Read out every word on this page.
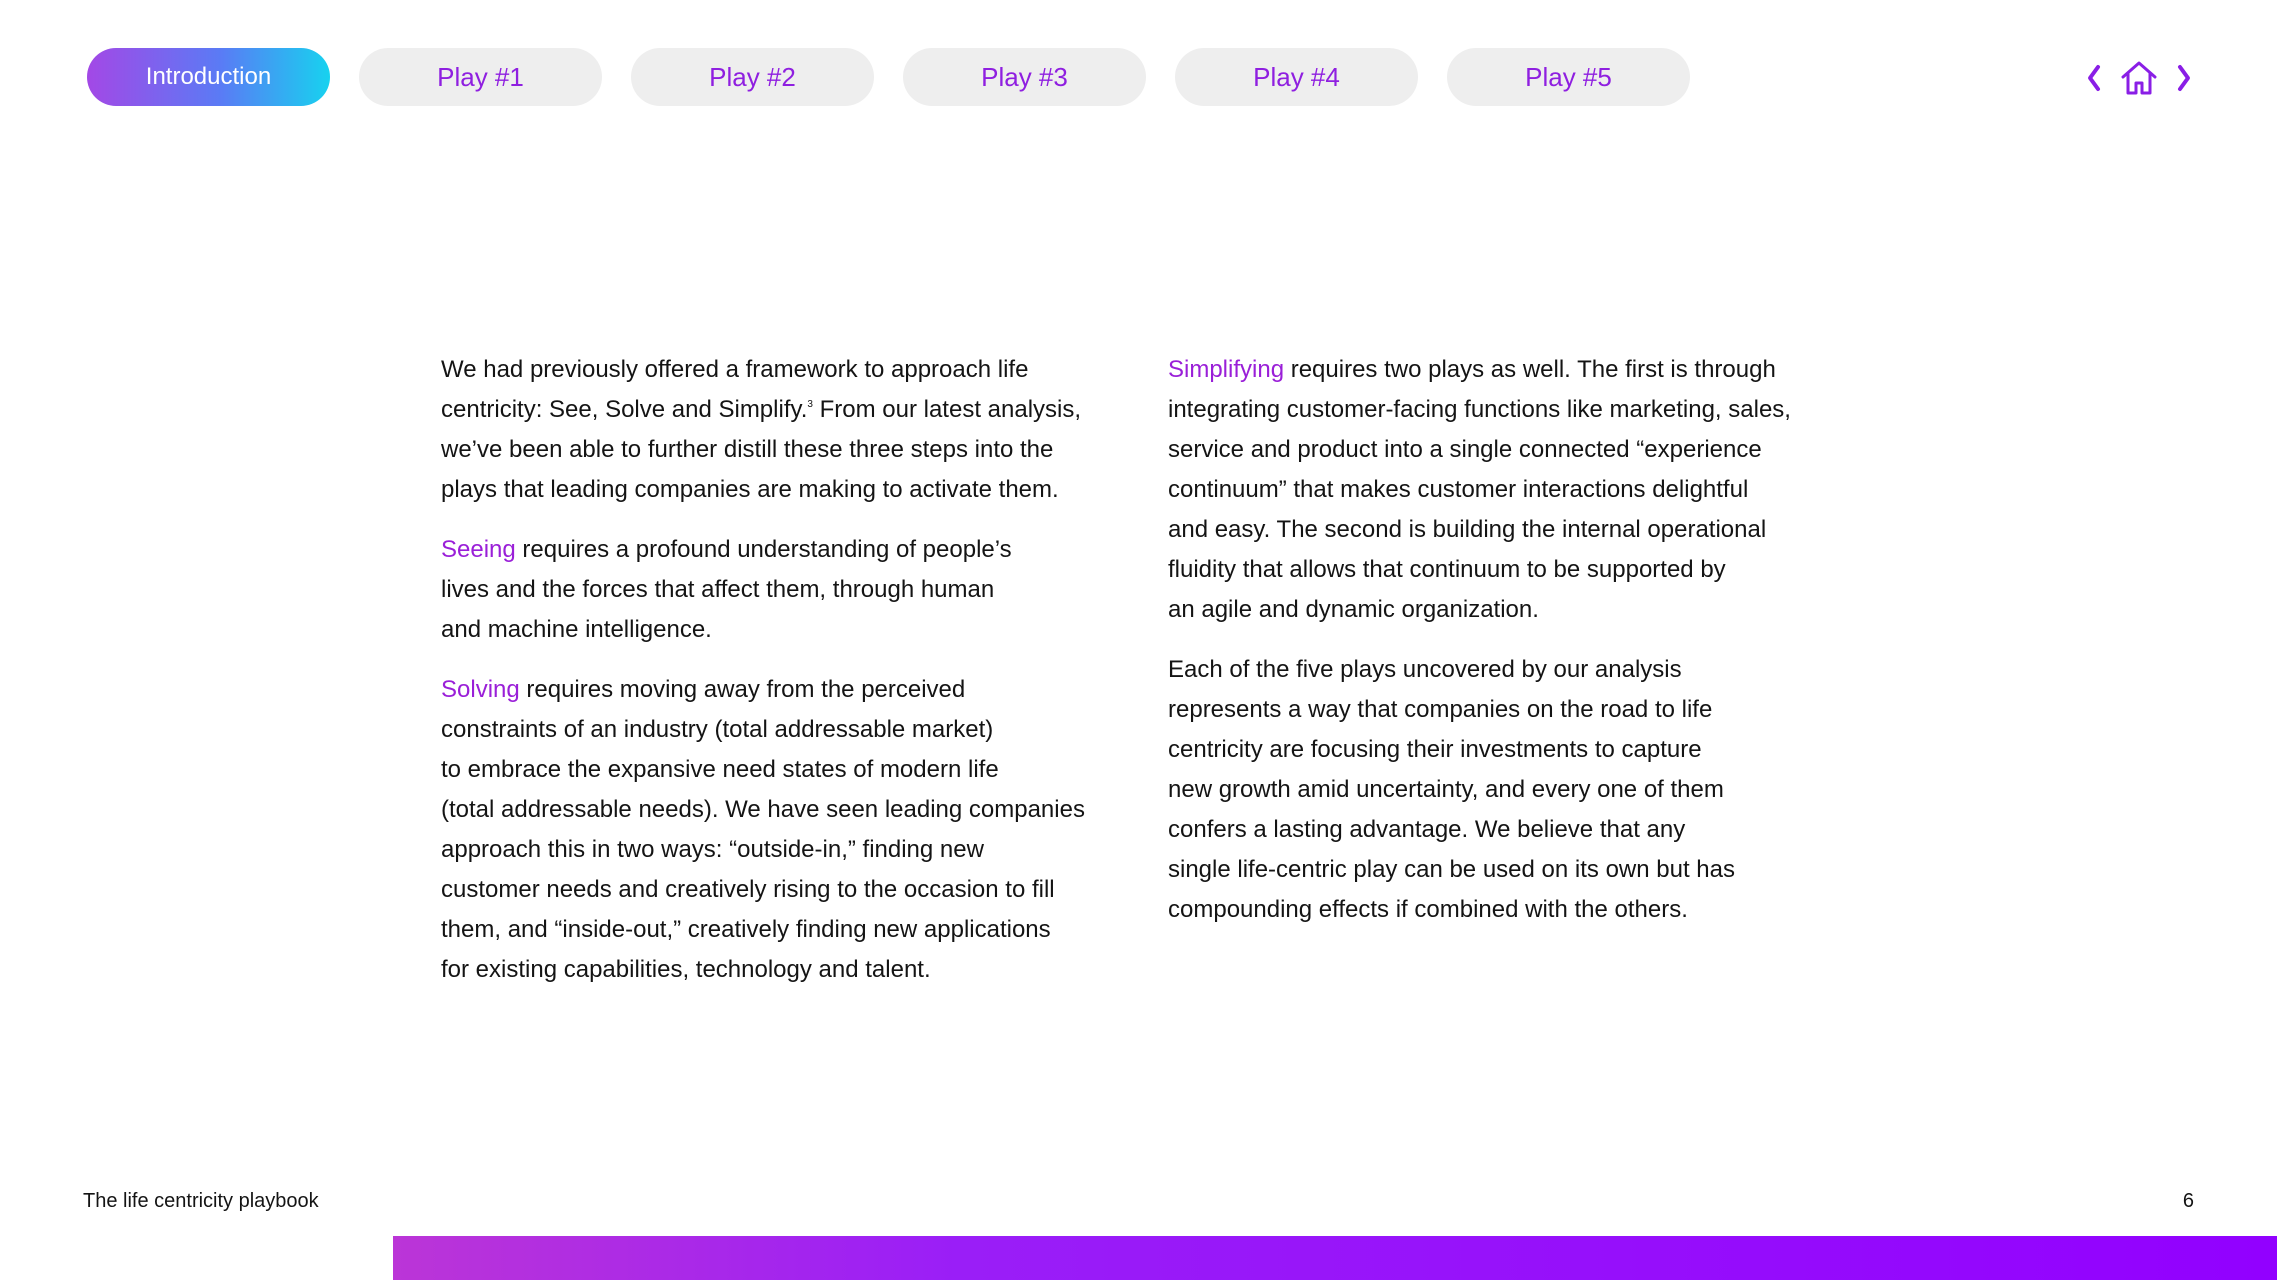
Introduction	Play #1	Play #2	Play #3	Play #4	Play #5

We had previously offered a framework to approach life
centricity: See, Solve and Simplify.$^3$ From our latest analysis,
we’ve been able to further distill these three steps into the
plays that leading companies are making to activate them.

Seeing requires a profound understanding of people’s
lives and the forces that affect them, through human
and machine intelligence.

Solving requires moving away from the perceived
constraints of an industry (total addressable market)
to embrace the expansive need states of modern life
(total addressable needs). We have seen leading companies
approach this in two ways: “outside-in,” finding new
customer needs and creatively rising to the occasion to fill
them, and “inside-out,” creatively finding new applications
for existing capabilities, technology and talent.

Simplifying requires two plays as well. The first is through
integrating customer-facing functions like marketing, sales,
service and product into a single connected “experience
continuum” that makes customer interactions delightful
and easy. The second is building the internal operational
fluidity that allows that continuum to be supported by
an agile and dynamic organization.

Each of the five plays uncovered by our analysis
represents a way that companies on the road to life
centricity are focusing their investments to capture
new growth amid uncertainty, and every one of them
confers a lasting advantage. We believe that any
single life-centric play can be used on its own but has
compounding effects if combined with the others.

The life centricity playbook	6
